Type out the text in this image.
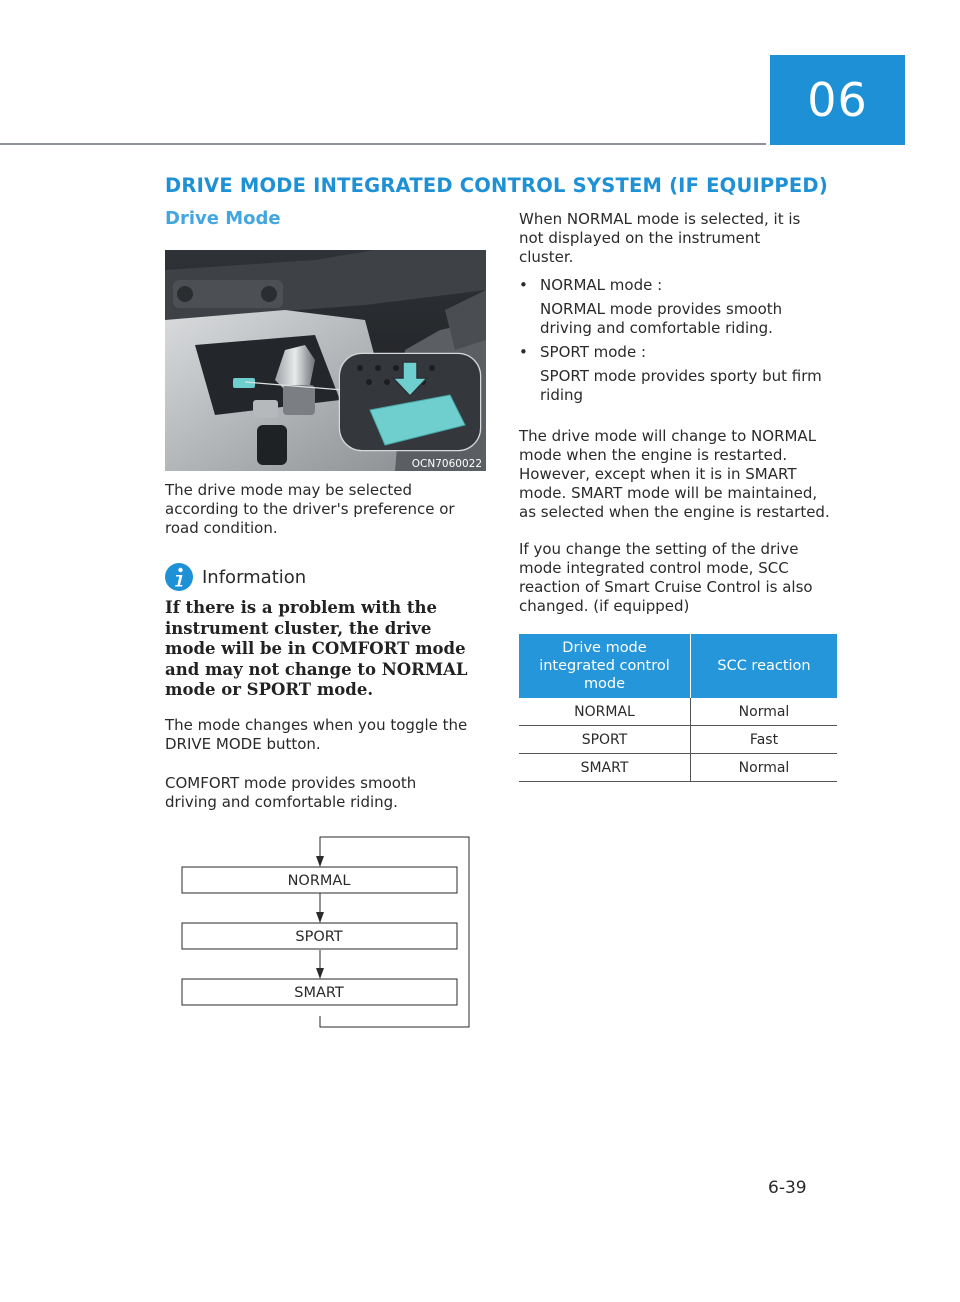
06
DRIVE MODE INTEGRATED CONTROL SYSTEM (IF EQUIPPED)
Drive Mode
OCN7060022

The drive mode may be selected according to the driver's preference or road condition.

Information

If there is a problem with the instrument cluster, the drive mode will be in COMFORT mode and may not change to NORMAL mode or SPORT mode.

The mode changes when you toggle the DRIVE MODE button.

COMFORT mode provides smooth driving and comfortable riding.

NORMAL
SPORT
SMART

When NORMAL mode is selected, it is not displayed on the instrument cluster.

• NORMAL mode :

NORMAL mode provides smooth driving and comfortable riding.

• SPORT mode :

SPORT mode provides sporty but firm riding

The drive mode will change to NORMAL mode when the engine is restarted. However, except when it is in SMART mode. SMART mode will be maintained, as selected when the engine is restarted.

If you change the setting of the drive mode integrated control mode, SCC reaction of Smart Cruise Control is also changed. (if equipped)

Drive mode integrated control mode	SCC reaction
NORMAL	Normal
SPORT	Fast
SMART	Normal
6-39
